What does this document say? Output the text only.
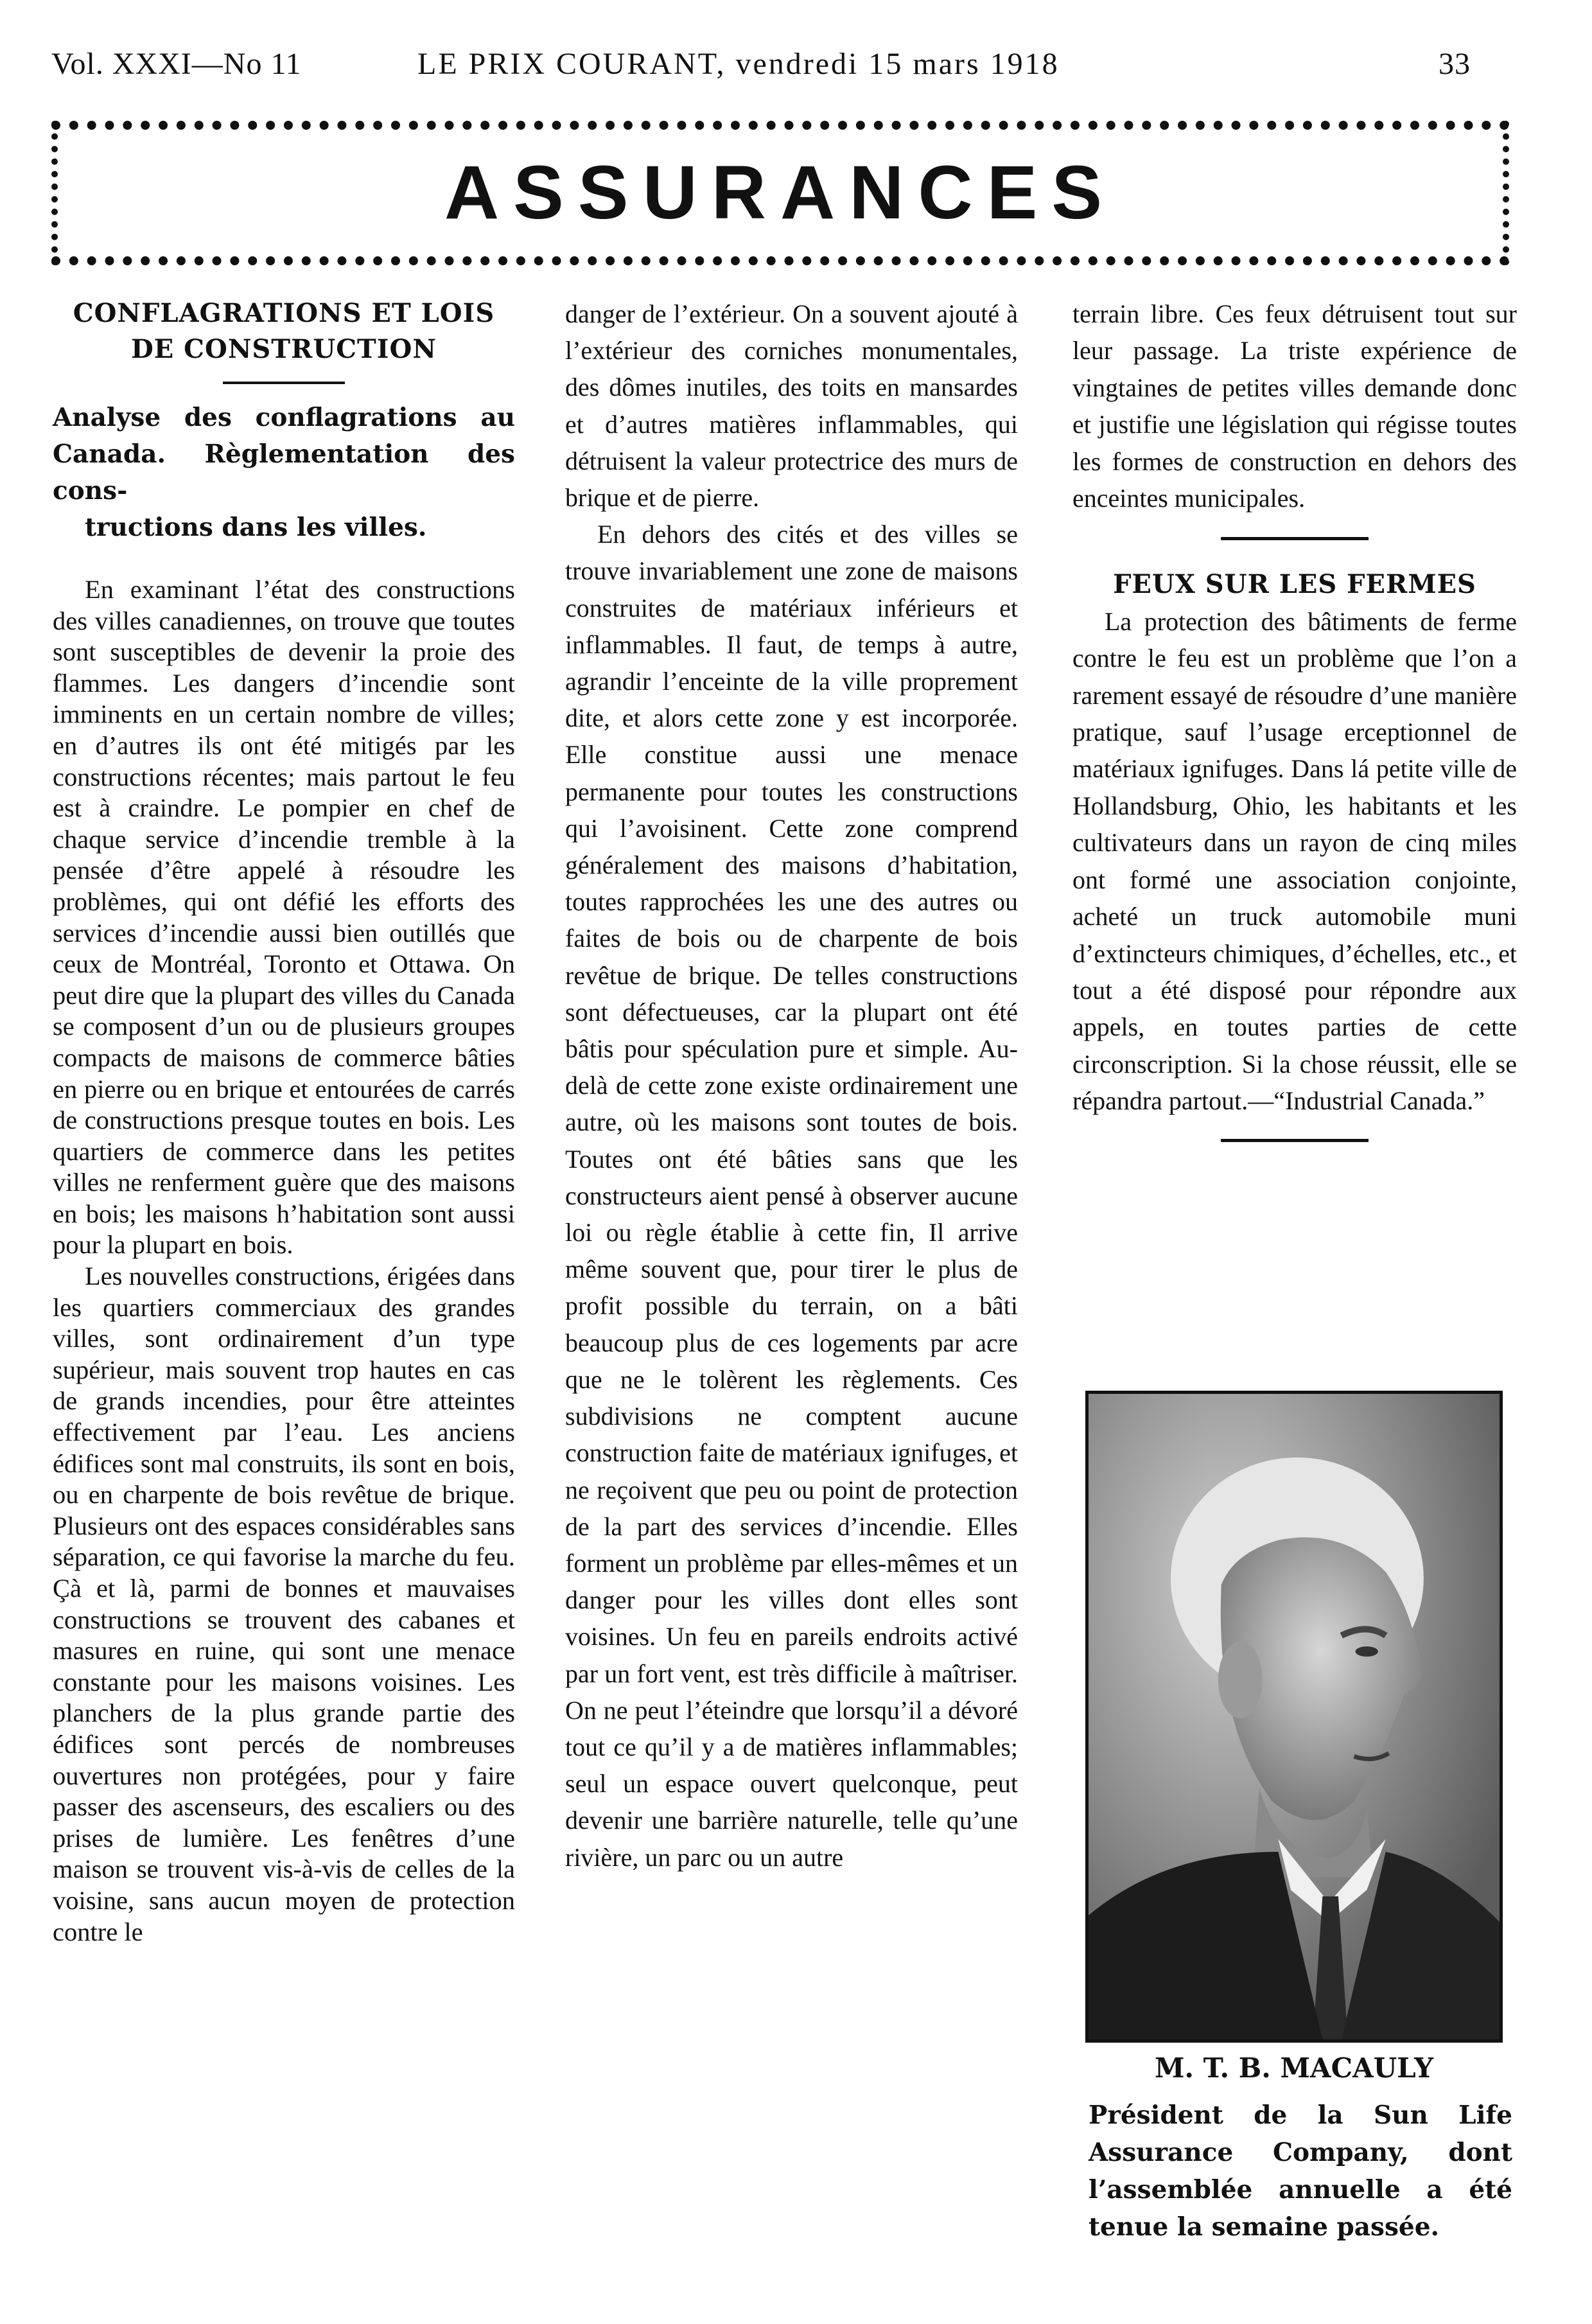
Vol. XXXI—No 11	LE PRIX COURANT, vendredi 15 mars 1918	33
ASSURANCES

CONFLAGRATIONS ET LOIS

DE CONSTRUCTION

Analyse des conflagrations au Canada. Règlementation des cons-
tructions dans les villes.

En examinant l’état des constructions des villes canadiennes, on trouve que toutes sont susceptibles de devenir la proie des flammes. Les dangers d’incendie sont imminents en un certain nombre de villes; en d’autres ils ont été mitigés par les constructions récentes; mais partout le feu est à craindre. Le pompier en chef de chaque service d’incendie tremble à la pensée d’être appelé à résoudre les problèmes, qui ont défié les efforts des services d’incendie aussi bien outillés que ceux de Montréal, Toronto et Ottawa. On peut dire que la plupart des villes du Canada se composent d’un ou de plusieurs groupes compacts de maisons de commerce bâties en pierre ou en brique et entourées de carrés de constructions presque toutes en bois. Les quartiers de commerce dans les petites villes ne renferment guère que des maisons en bois; les maisons h’habitation sont aussi pour la plupart en bois.

Les nouvelles constructions, érigées dans les quartiers commerciaux des grandes villes, sont ordinairement d’un type supérieur, mais souvent trop hautes en cas de grands incendies, pour être atteintes effectivement par l’eau. Les anciens édifices sont mal construits, ils sont en bois, ou en charpente de bois revêtue de brique. Plusieurs ont des espaces considérables sans séparation, ce qui favorise la marche du feu. Çà et là, parmi de bonnes et mauvaises constructions se trouvent des cabanes et masures en ruine, qui sont une menace constante pour les maisons voisines. Les planchers de la plus grande partie des édifices sont percés de nombreuses ouvertures non protégées, pour y faire passer des ascenseurs, des escaliers ou des prises de lumière. Les fenêtres d’une maison se trouvent vis-à-vis de celles de la voisine, sans aucun moyen de protection contre le

danger de l’extérieur. On a souvent ajouté à l’extérieur des corniches monumentales, des dômes inutiles, des toits en mansardes et d’autres matières inflammables, qui détruisent la valeur protectrice des murs de brique et de pierre.

En dehors des cités et des villes se trouve invariablement une zone de maisons construites de matériaux inférieurs et inflammables. Il faut, de temps à autre, agrandir l’enceinte de la ville proprement dite, et alors cette zone y est incorporée. Elle constitue aussi une menace permanente pour toutes les constructions qui l’avoisinent. Cette zone comprend généralement des maisons d’habitation, toutes rapprochées les une des autres ou faites de bois ou de charpente de bois revêtue de brique. De telles constructions sont défectueuses, car la plupart ont été bâtis pour spéculation pure et simple. Au-delà de cette zone existe ordinairement une autre, où les maisons sont toutes de bois. Toutes ont été bâties sans que les constructeurs aient pensé à observer aucune loi ou règle établie à cette fin, Il arrive même souvent que, pour tirer le plus de profit possible du terrain, on a bâti beaucoup plus de ces logements par acre que ne le tolèrent les règlements. Ces subdivisions ne comptent aucune construction faite de matériaux ignifuges, et ne reçoivent que peu ou point de protection de la part des services d’incendie. Elles forment un problème par elles-mêmes et un danger pour les villes dont elles sont voisines. Un feu en pareils endroits activé par un fort vent, est très difficile à maîtriser. On ne peut l’éteindre que lorsqu’il a dévoré tout ce qu’il y a de matières inflammables; seul un espace ouvert quelconque, peut devenir une barrière naturelle, telle qu’une rivière, un parc ou un autre

terrain libre. Ces feux détruisent tout sur leur passage. La triste expérience de vingtaines de petites villes demande donc et justifie une législation qui régisse toutes les formes de construction en dehors des enceintes municipales.

FEUX SUR LES FERMES

La protection des bâtiments de ferme contre le feu est un problème que l’on a rarement essayé de résoudre d’une manière pratique, sauf l’usage erceptionnel de matériaux ignifuges. Dans lá petite ville de Hollandsburg, Ohio, les habitants et les cultivateurs dans un rayon de cinq miles ont formé une association conjointe, acheté un truck automobile muni d’extincteurs chimiques, d’échelles, etc., et tout a été disposé pour répondre aux appels, en toutes parties de cette circonscription. Si la chose réussit, elle se répandra partout.—“Industrial Canada.”

M. T. B. MACAULY
Président de la Sun Life Assurance Company, dont l’assemblée annuelle a été tenue la semaine passée.
